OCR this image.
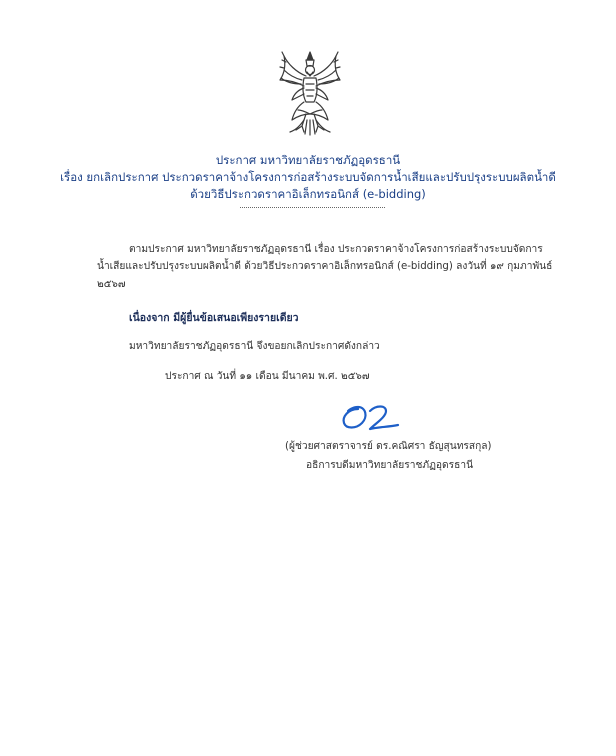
ประกาศ มหาวิทยาลัยราชภัฏอุดรธานี
เรื่อง ยกเลิกประกาศ ประกวดราคาจ้างโครงการก่อสร้างระบบจัดการน้ำเสียและปรับปรุงระบบผลิตน้ำดี
ด้วยวิธีประกวดราคาอิเล็กทรอนิกส์ (e-bidding)
ตามประกาศ มหาวิทยาลัยราชภัฏอุดรธานี เรื่อง ประกวดราคาจ้างโครงการก่อสร้างระบบจัดการ
น้ำเสียและปรับปรุงระบบผลิตน้ำดี ด้วยวิธีประกวดราคาอิเล็กทรอนิกส์ (e-bidding) ลงวันที่ ๑๙ กุมภาพันธ์
๒๕๖๗
เนื่องจาก มีผู้ยื่นข้อเสนอเพียงรายเดียว
มหาวิทยาลัยราชภัฏอุดรธานี จึงขอยกเลิกประกาศดังกล่าว
ประกาศ ณ วันที่ ๑๑ เดือน มีนาคม พ.ศ. ๒๕๖๗
(ผู้ช่วยศาสตราจารย์ ดร.คณิศรา ธัญสุนทรสกุล)
อธิการบดีมหาวิทยาลัยราชภัฏอุดรธานี
